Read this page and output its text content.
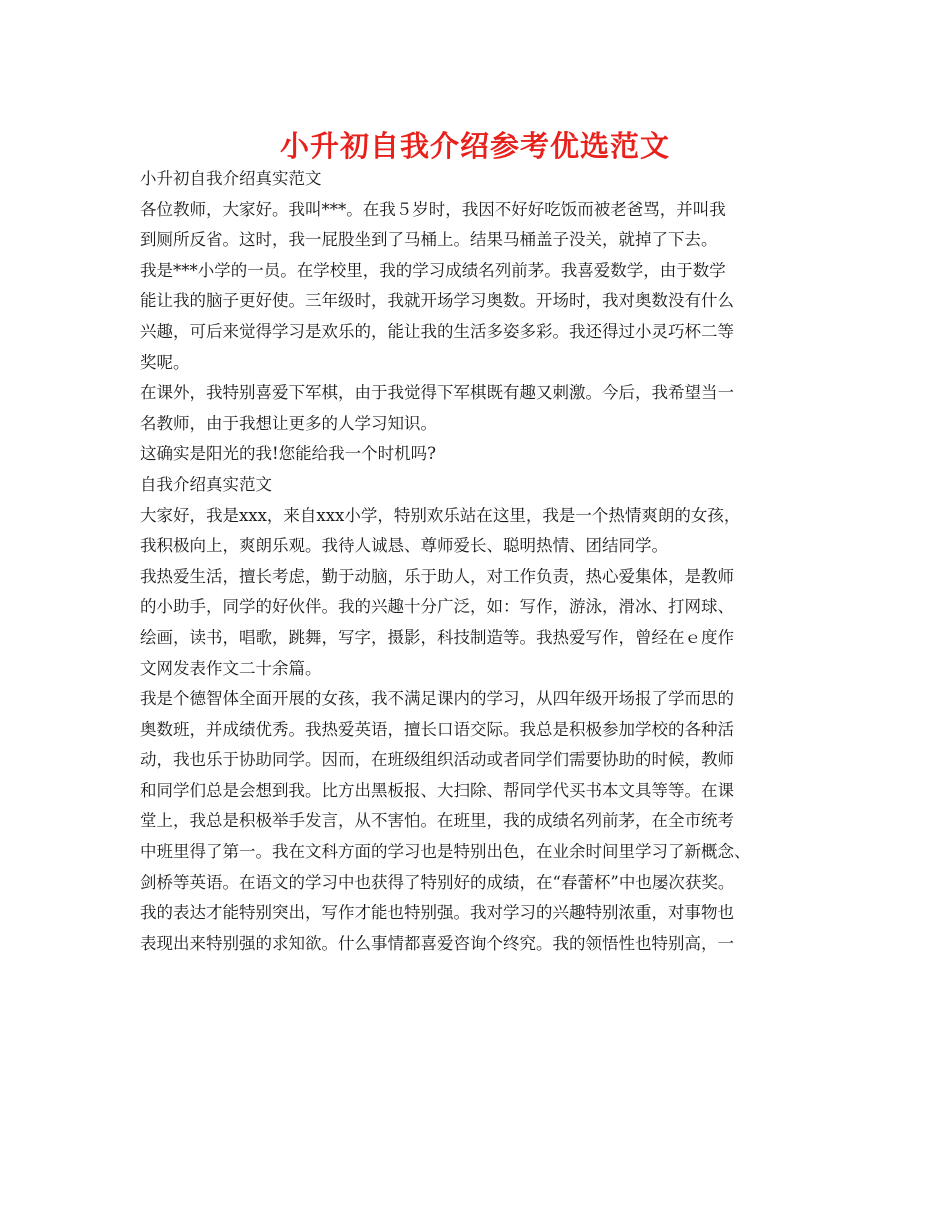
小升初自我介绍参考优选范文
小升初自我介绍真实范文
各位教师，大家好。我叫***。在我５岁时，我因不好好吃饭而被老爸骂，并叫我
到厕所反省。这时，我一屁股坐到了马桶上。结果马桶盖子没关，就掉了下去。
我是***小学的一员。在学校里，我的学习成绩名列前茅。我喜爱数学，由于数学
能让我的脑子更好使。三年级时，我就开场学习奥数。开场时，我对奥数没有什么
兴趣，可后来觉得学习是欢乐的，能让我的生活多姿多彩。我还得过小灵巧杯二等
奖呢。
在课外，我特别喜爱下军棋，由于我觉得下军棋既有趣又刺激。今后，我希望当一
名教师，由于我想让更多的人学习知识。
这确实是阳光的我!您能给我一个时机吗?
自我介绍真实范文
大家好，我是xxx，来自xxx小学，特别欢乐站在这里，我是一个热情爽朗的女孩，
我积极向上，爽朗乐观。我待人诚恳、尊师爱长、聪明热情、团结同学。
我热爱生活，擅长考虑，勤于动脑，乐于助人，对工作负责，热心爱集体，是教师
的小助手，同学的好伙伴。我的兴趣十分广泛，如：写作，游泳，滑冰、打网球、
绘画，读书，唱歌，跳舞，写字，摄影，科技制造等。我热爱写作，曾经在ｅ度作
文网发表作文二十余篇。
我是个德智体全面开展的女孩，我不满足课内的学习，从四年级开场报了学而思的
奥数班，并成绩优秀。我热爱英语，擅长口语交际。我总是积极参加学校的各种活
动，我也乐于协助同学。因而，在班级组织活动或者同学们需要协助的时候，教师
和同学们总是会想到我。比方出黑板报、大扫除、帮同学代买书本文具等等。在课
堂上，我总是积极举手发言，从不害怕。在班里，我的成绩名列前茅，在全市统考
中班里得了第一。我在文科方面的学习也是特别出色，在业余时间里学习了新概念、
剑桥等英语。在语文的学习中也获得了特别好的成绩，在“春蕾杯”中也屡次获奖。
我的表达才能特别突出，写作才能也特别强。我对学习的兴趣特别浓重，对事物也
表现出来特别强的求知欲。什么事情都喜爱咨询个终究。我的领悟性也特别高，一
